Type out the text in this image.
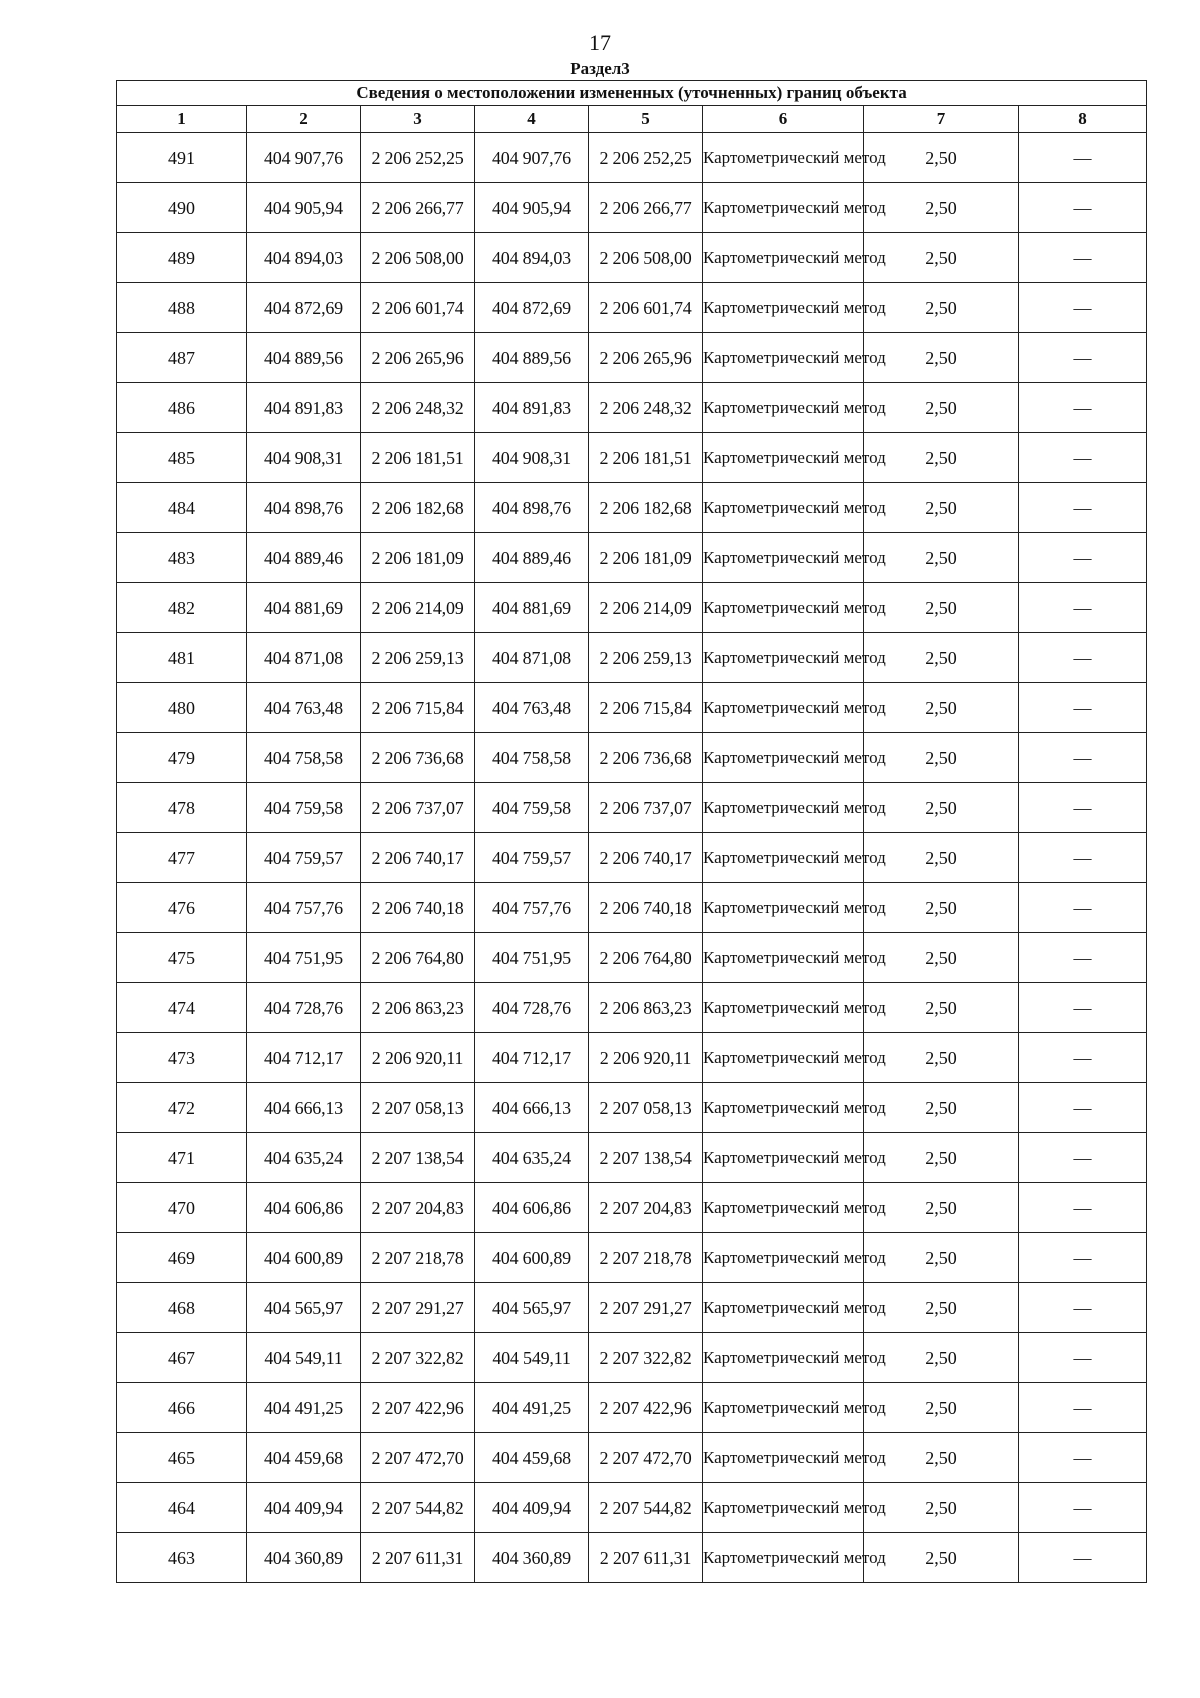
17
Раздел3
Сведения о местоположении измененных (уточненных) границ объекта							
1	2	3	4	5	6	7	8
491	404 907,76	2 206 252,25	404 907,76	2 206 252,25	Картометрический метод	2,50	—
490	404 905,94	2 206 266,77	404 905,94	2 206 266,77	Картометрический метод	2,50	—
489	404 894,03	2 206 508,00	404 894,03	2 206 508,00	Картометрический метод	2,50	—
488	404 872,69	2 206 601,74	404 872,69	2 206 601,74	Картометрический метод	2,50	—
487	404 889,56	2 206 265,96	404 889,56	2 206 265,96	Картометрический метод	2,50	—
486	404 891,83	2 206 248,32	404 891,83	2 206 248,32	Картометрический метод	2,50	—
485	404 908,31	2 206 181,51	404 908,31	2 206 181,51	Картометрический метод	2,50	—
484	404 898,76	2 206 182,68	404 898,76	2 206 182,68	Картометрический метод	2,50	—
483	404 889,46	2 206 181,09	404 889,46	2 206 181,09	Картометрический метод	2,50	—
482	404 881,69	2 206 214,09	404 881,69	2 206 214,09	Картометрический метод	2,50	—
481	404 871,08	2 206 259,13	404 871,08	2 206 259,13	Картометрический метод	2,50	—
480	404 763,48	2 206 715,84	404 763,48	2 206 715,84	Картометрический метод	2,50	—
479	404 758,58	2 206 736,68	404 758,58	2 206 736,68	Картометрический метод	2,50	—
478	404 759,58	2 206 737,07	404 759,58	2 206 737,07	Картометрический метод	2,50	—
477	404 759,57	2 206 740,17	404 759,57	2 206 740,17	Картометрический метод	2,50	—
476	404 757,76	2 206 740,18	404 757,76	2 206 740,18	Картометрический метод	2,50	—
475	404 751,95	2 206 764,80	404 751,95	2 206 764,80	Картометрический метод	2,50	—
474	404 728,76	2 206 863,23	404 728,76	2 206 863,23	Картометрический метод	2,50	—
473	404 712,17	2 206 920,11	404 712,17	2 206 920,11	Картометрический метод	2,50	—
472	404 666,13	2 207 058,13	404 666,13	2 207 058,13	Картометрический метод	2,50	—
471	404 635,24	2 207 138,54	404 635,24	2 207 138,54	Картометрический метод	2,50	—
470	404 606,86	2 207 204,83	404 606,86	2 207 204,83	Картометрический метод	2,50	—
469	404 600,89	2 207 218,78	404 600,89	2 207 218,78	Картометрический метод	2,50	—
468	404 565,97	2 207 291,27	404 565,97	2 207 291,27	Картометрический метод	2,50	—
467	404 549,11	2 207 322,82	404 549,11	2 207 322,82	Картометрический метод	2,50	—
466	404 491,25	2 207 422,96	404 491,25	2 207 422,96	Картометрический метод	2,50	—
465	404 459,68	2 207 472,70	404 459,68	2 207 472,70	Картометрический метод	2,50	—
464	404 409,94	2 207 544,82	404 409,94	2 207 544,82	Картометрический метод	2,50	—
463	404 360,89	2 207 611,31	404 360,89	2 207 611,31	Картометрический метод	2,50	—
